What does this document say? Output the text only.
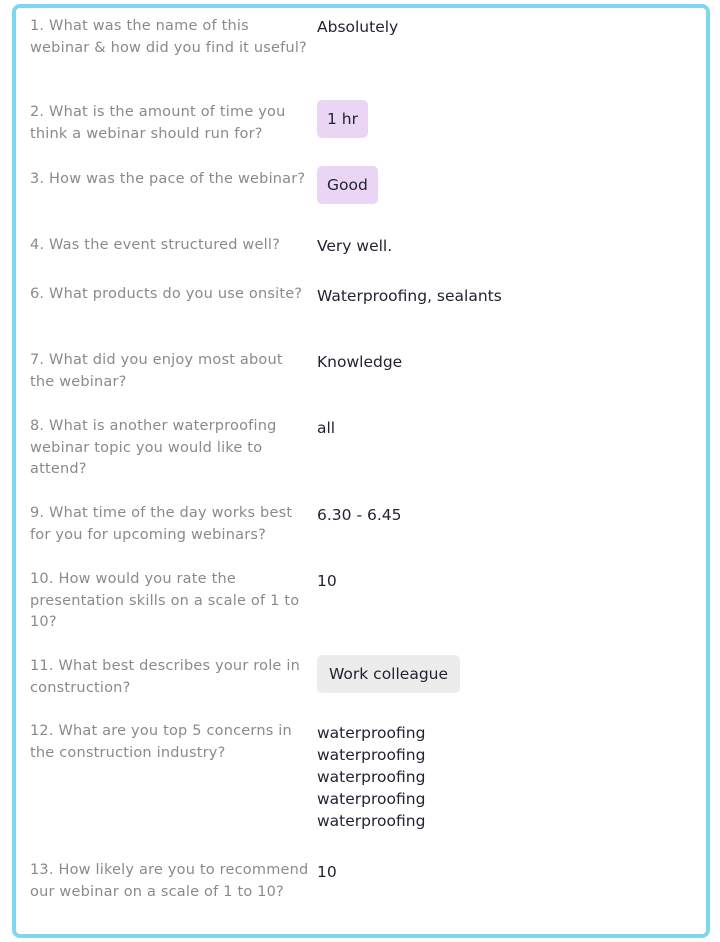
1. What was the name of this webinar & how did you find it useful?
Absolutely
2. What is the amount of time you think a webinar should run for?
1 hr
3. How was the pace of the webinar?	Good
4. Was the event structured well?	Very well.
6. What products do you use onsite? Waterproofing, sealants
7. What did you enjoy most about the webinar?
Knowledge
8. What is another waterproofing webinar topic you would like to attend?
all
9. What time of the day works best for you for upcoming webinars?
6.30 - 6.45
10. How would you rate the presentation skills on a scale of 1 to 10?
10
11. What best describes your role in construction?
Work colleague
12. What are you top 5 concerns in the construction industry?
waterproofing
waterproofing
waterproofing
waterproofing
waterproofing
13. How likely are you to recommend our webinar on a scale of 1 to 10?
10
